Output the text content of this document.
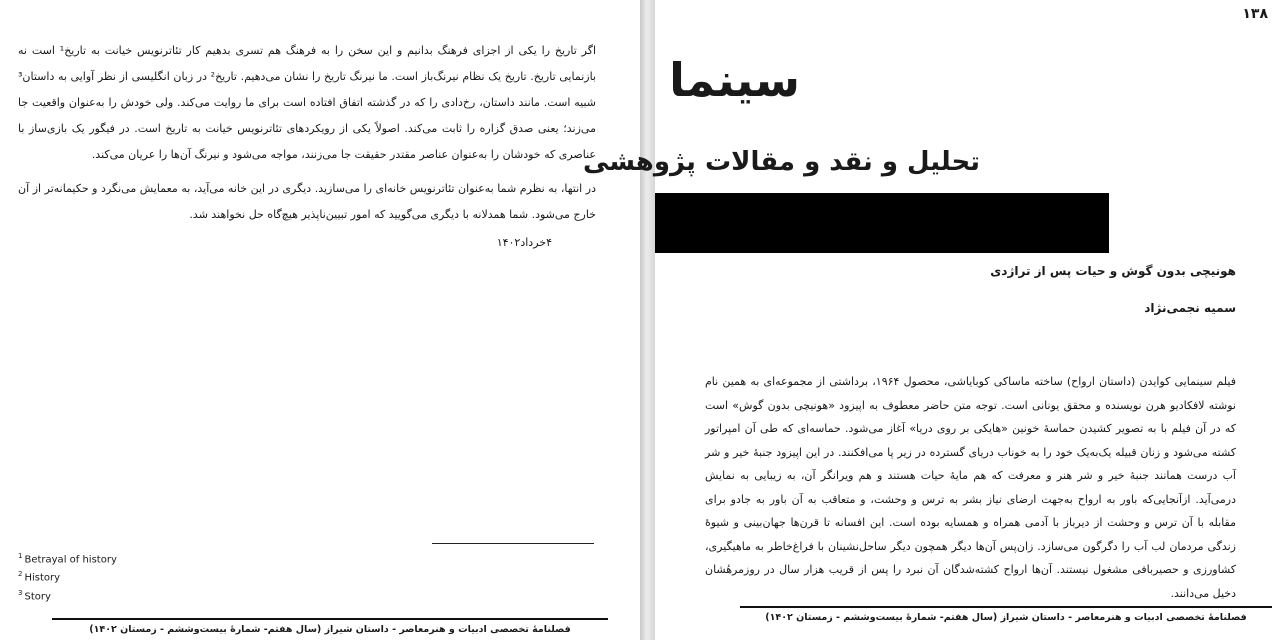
اگر تاریخ را یکی از اجزای فرهنگ بدانیم و این سخن را به فرهنگ هم تسری بدهیم کار تئاترنویس خیانت به تاریخ¹ است نه بازنمایی تاریخ. تاریخ یک نظام نیرنگ‌باز است. ما نیرنگ تاریخ را نشان می‌دهیم. تاریخ² در زبان انگلیسی از نظر آوایی به داستان³ شبیه است. مانند داستان، رخ‌دادی را که در گذشته اتفاق افتاده است برای ما روایت می‌کند. ولی خودش را به‌عنوان واقعیت جا می‌زند؛ یعنی صدق گزاره را ثابت می‌کند. اصولاً یکی از رویکردهای تئاترنویس خیانت به تاریخ است. در فیگور یک بازی‌ساز با عناصری که خودشان را به‌عنوان عناصر مقتدر حقیقت جا می‌زنند، مواجه می‌شود و نیرنگ آن‌ها را عریان می‌کند.

در انتها، به نظرم شما به‌عنوان تئاترنویس خانه‌ای را می‌سازید. دیگری در این خانه می‌آید، به معمایش می‌نگرد و حکیمانه‌تر از آن خارج می‌شود. شما همدلانه با دیگری می‌گویید که امور تبیین‌ناپذیر هیچ‌گاه حل نخواهند شد.

۴خرداد۱۴۰۲
$^1$ Betrayal of history
$^2$ History
$^3$ Story
فصلنامهٔ تخصصی ادبیات و هنرمعاصر - داستان شیراز (سال هفتم- شمارهٔ بیست‌وششم - زمستان ۱۴۰۲)
۱۳۸
سینما
تحلیل و نقد و مقالات پژوهشی
هونیچی بدون گوش و حیات پس از تراژدی
سمیه نجمی‌نژاد

فیلم سینمایی کوایدن (داستان ارواح) ساخته ماساکی کوبایاشی، محصول ۱۹۶۴، برداشتی از مجموعه‌ای به همین نام نوشته لافکادیو هرن نویسنده و محقق یونانی است. توجه متن حاضر معطوف به اپیزود «هونیچی بدون گوش» است که در آن فیلم با به تصویر کشیدن حماسهٔ خونین «هایکی بر روی دریا» آغاز می‌شود. حماسه‌ای که طی آن امپراتور کشته می‌شود و زنان قبیله یک‌به‌یک خود را به خوناب دریای گسترده در زیر پا می‌افکنند. در این اپیزود جنبهٔ خیر و شر آب درست همانند جنبهٔ خیر و شر هنر و معرفت که هم مایهٔ حیات هستند و هم ویرانگر آن، به زیبایی به نمایش درمی‌آید. ازآنجایی‌که باور به ارواح به‌جهت ارضای نیاز بشر به ترس و وحشت، و متعاقب به آن باور به جادو برای مقابله با آن ترس و وحشت از دیرباز با آدمی همراه و همسایه بوده است. این افسانه تا قرن‌ها جهان‌بینی و شیوهٔ زندگی مردمان لب آب را دگرگون می‌سازد. زان‌پس آن‌ها دیگر همچون دیگر ساحل‌نشینان با فراغ‌خاطر به ماهیگیری، کشاورزی و حصیربافی مشغول نیستند. آن‌ها ارواح کشته‌شدگان آن نبرد را پس از قریب هزار سال در روزمرهٔشان دخیل می‌دانند.

فصلنامهٔ تخصصی ادبیات و هنرمعاصر - داستان شیراز (سال هفتم- شمارهٔ بیست‌وششم - زمستان ۱۴۰۲)
